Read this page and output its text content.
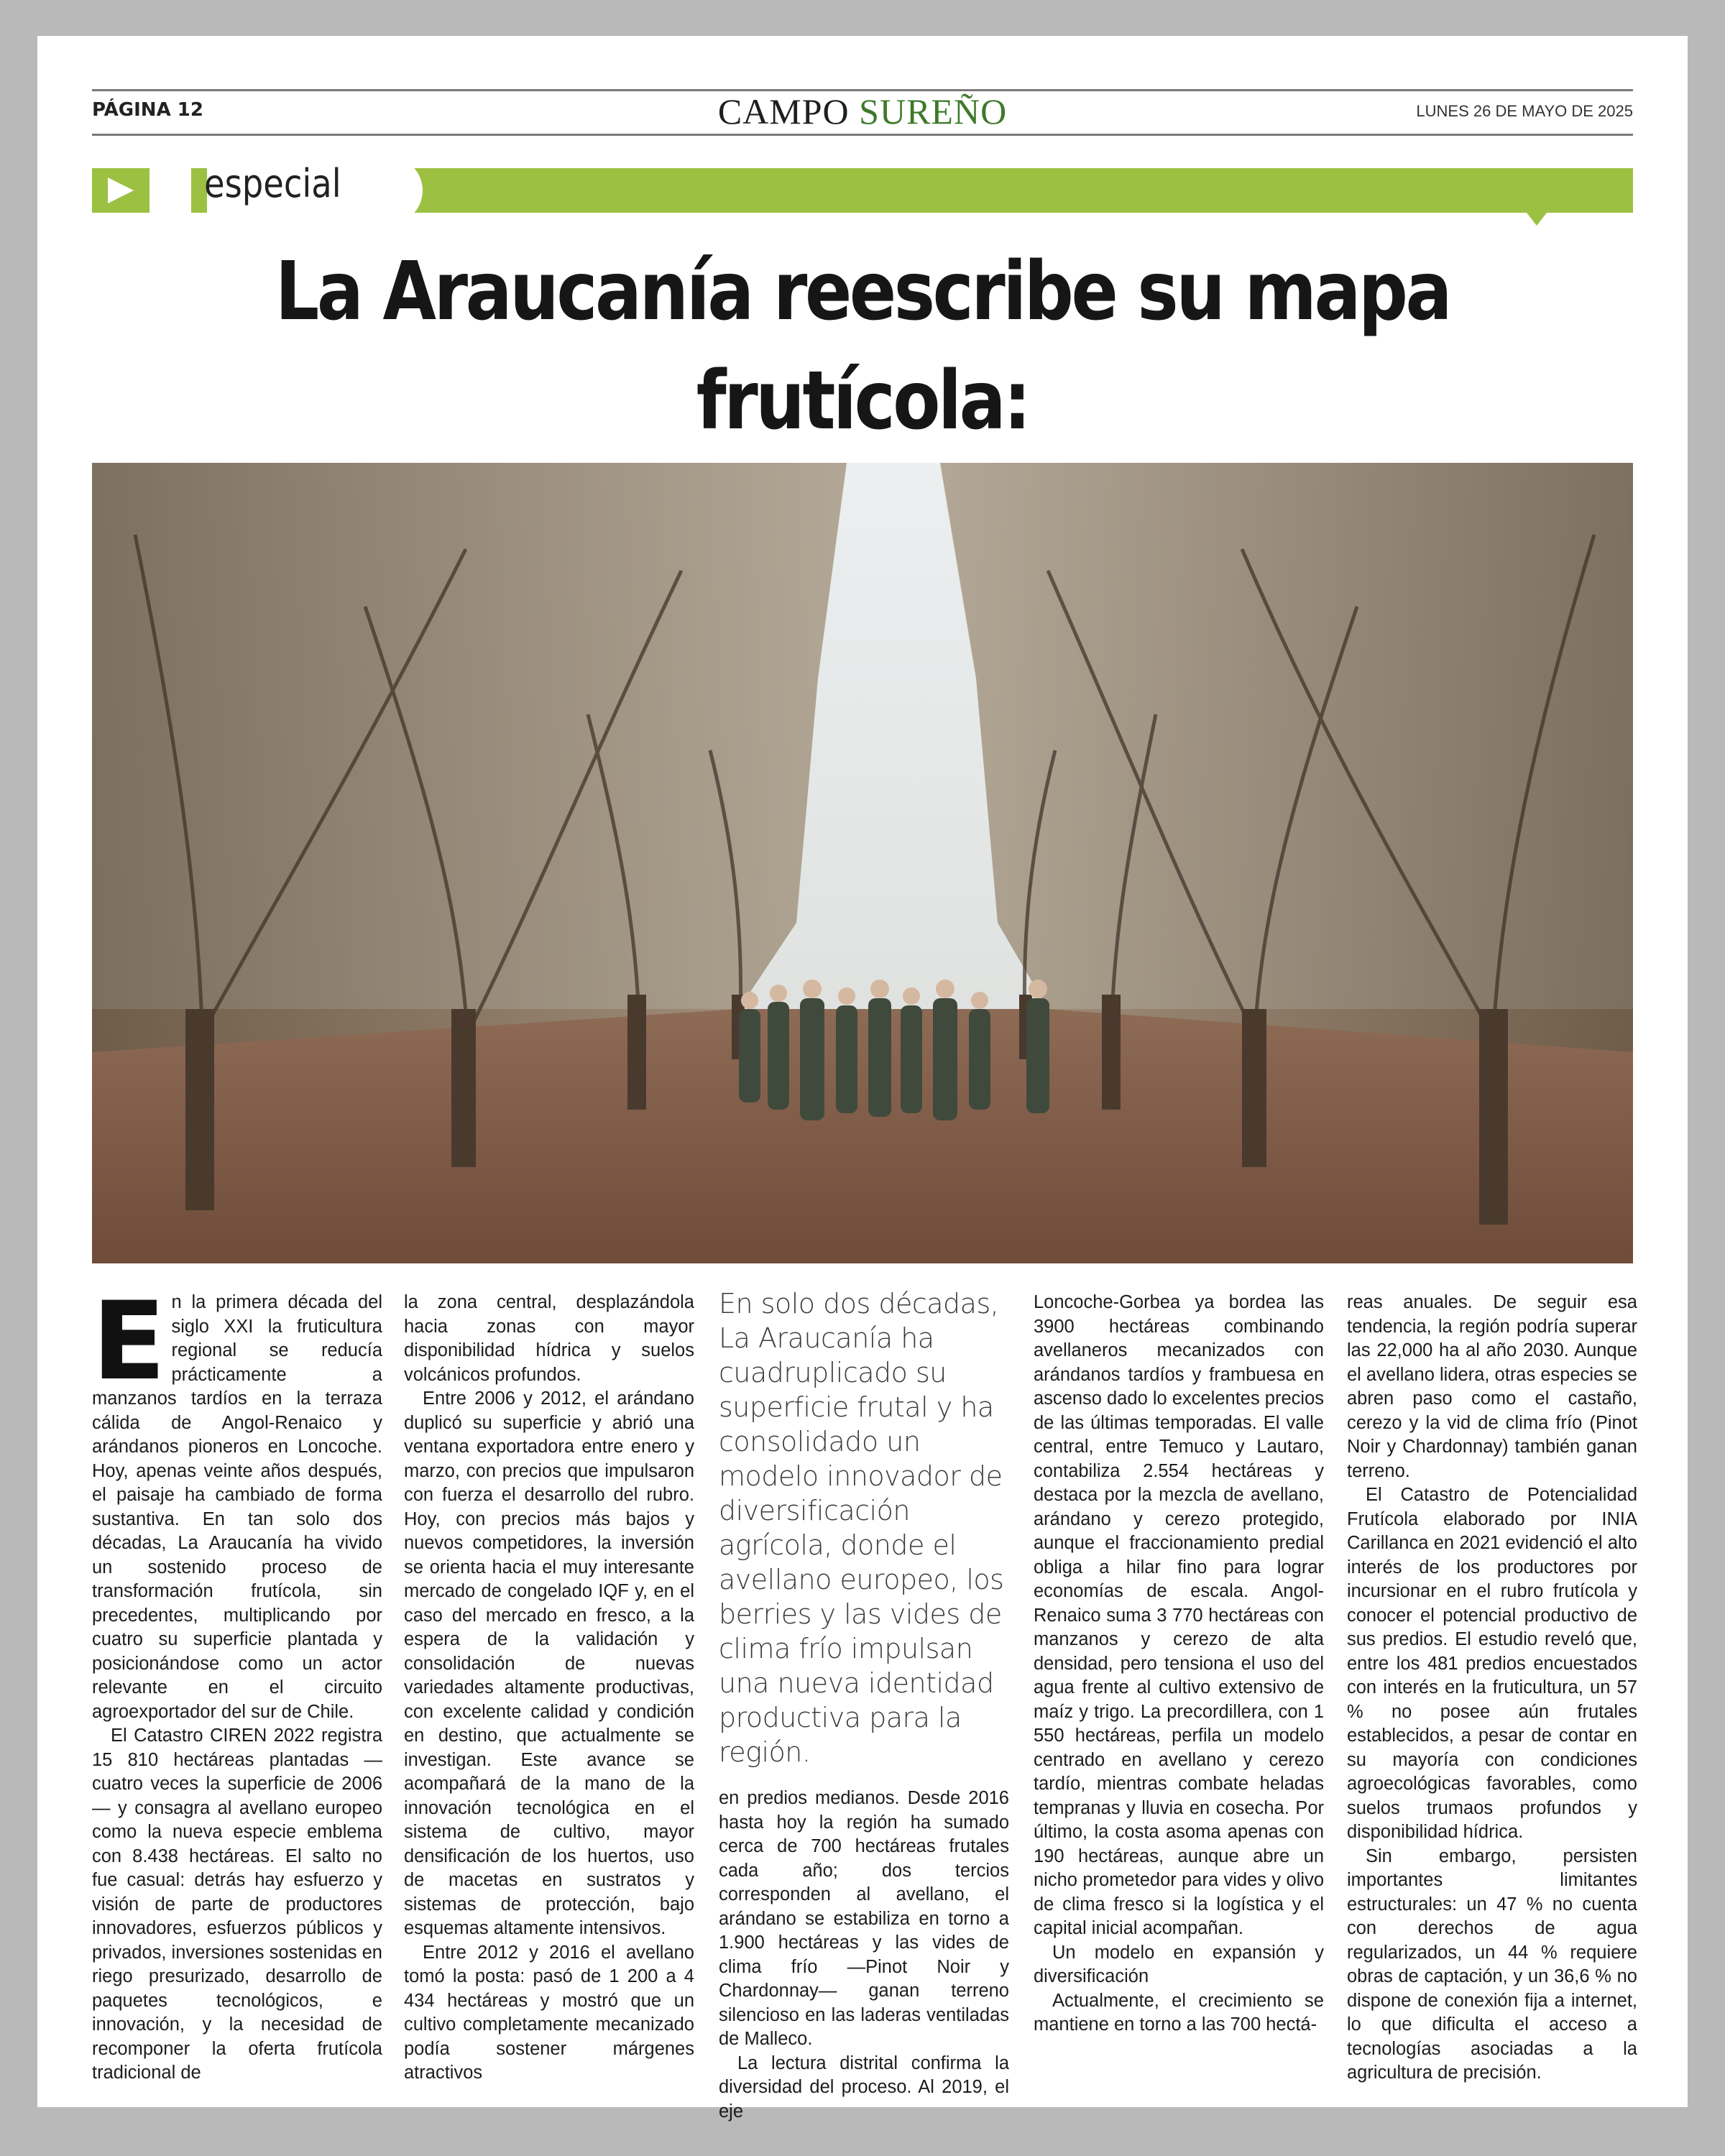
PÁGINA 12	CAMPO SUREÑO	LUNES 26 DE MAYO DE 2025
especial
La Araucanía reescribe su mapa frutícola:
E n la primera década del siglo XXI la fruticultura regional se reducía prácticamente a manzanos tardíos en la terraza cálida de Angol-Renaico y arándanos pioneros en Loncoche. Hoy, apenas veinte años después, el paisaje ha cambiado de forma sustantiva. En tan solo dos décadas, La Araucanía ha vivido un sostenido proceso de transformación frutícola, sin precedentes, multiplicando por cuatro su superficie plantada y posicionándose como un actor relevante en el circuito agroexportador del sur de Chile.

El Catastro CIREN 2022 registra 15 810 hectáreas plantadas —cuatro veces la superficie de 2006— y consagra al avellano europeo como la nueva especie emblema con 8.438 hectáreas. El salto no fue casual: detrás hay esfuerzo y visión de parte de productores innovadores, esfuerzos públicos y privados, inversiones sostenidas en riego presurizado, desarrollo de paquetes tecnológicos, e innovación, y la necesidad de recomponer la oferta frutícola tradicional de

la zona central, desplazándola hacia zonas con mayor disponibilidad hídrica y suelos volcánicos profundos.

Entre 2006 y 2012, el arándano duplicó su superficie y abrió una ventana exportadora entre enero y marzo, con precios que impulsaron con fuerza el desarrollo del rubro. Hoy, con precios más bajos y nuevos competidores, la inversión se orienta hacia el muy interesante mercado de congelado IQF y, en el caso del mercado en fresco, a la espera de la validación y consolidación de nuevas variedades altamente productivas, con excelente calidad y condición en destino, que actualmente se investigan. Este avance se acompañará de la mano de la innovación tecnológica en el sistema de cultivo, mayor densificación de los huertos, uso de macetas en sustratos y sistemas de protección, bajo esquemas altamente intensivos.

Entre 2012 y 2016 el avellano tomó la posta: pasó de 1 200 a 4 434 hectáreas y mostró que un cultivo completamente mecanizado podía sostener márgenes atractivos

En solo dos décadas, La Araucanía ha cuadruplicado su superficie frutal y ha consolidado un modelo innovador de diversificación agrícola, donde el avellano europeo, los berries y las vides de clima frío impulsan una nueva identidad productiva para la región.

en predios medianos. Desde 2016 hasta hoy la región ha sumado cerca de 700 hectáreas frutales cada año; dos tercios corresponden al avellano, el arándano se estabiliza en torno a 1.900 hectáreas y las vides de clima frío —Pinot Noir y Chardonnay— ganan terreno silencioso en las laderas ventiladas de Malleco.

La lectura distrital confirma la diversidad del proceso. Al 2019, el eje

Loncoche-Gorbea ya bordea las 3900 hectáreas combinando avellaneros mecanizados con arándanos tardíos y frambuesa en ascenso dado lo excelentes precios de las últimas temporadas. El valle central, entre Temuco y Lautaro, contabiliza 2.554 hectáreas y destaca por la mezcla de avellano, arándano y cerezo protegido, aunque el fraccionamiento predial obliga a hilar fino para lograr economías de escala. Angol-Renaico suma 3 770 hectáreas con manzanos y cerezo de alta densidad, pero tensiona el uso del agua frente al cultivo extensivo de maíz y trigo. La precordillera, con 1 550 hectáreas, perfila un modelo centrado en avellano y cerezo tardío, mientras combate heladas tempranas y lluvia en cosecha. Por último, la costa asoma apenas con 190 hectáreas, aunque abre un nicho prometedor para vides y olivo de clima fresco si la logística y el capital inicial acompañan.

Un modelo en expansión y diversificación

Actualmente, el crecimiento se mantiene en torno a las 700 hectá-

reas anuales. De seguir esa tendencia, la región podría superar las 22,000 ha al año 2030. Aunque el avellano lidera, otras especies se abren paso como el castaño, cerezo y la vid de clima frío (Pinot Noir y Chardonnay) también ganan terreno.

El Catastro de Potencialidad Frutícola elaborado por INIA Carillanca en 2021 evidenció el alto interés de los productores por incursionar en el rubro frutícola y conocer el potencial productivo de sus predios. El estudio reveló que, entre los 481 predios encuestados con interés en la fruticultura, un 57 % no posee aún frutales establecidos, a pesar de contar en su mayoría con condiciones agroecológicas favorables, como suelos trumaos profundos y disponibilidad hídrica.

Sin embargo, persisten importantes limitantes estructurales: un 47 % no cuenta con derechos de agua regularizados, un 44 % requiere obras de captación, y un 36,6 % no dispone de conexión fija a internet, lo que dificulta el acceso a tecnologías asociadas a la agricultura de precisión.
